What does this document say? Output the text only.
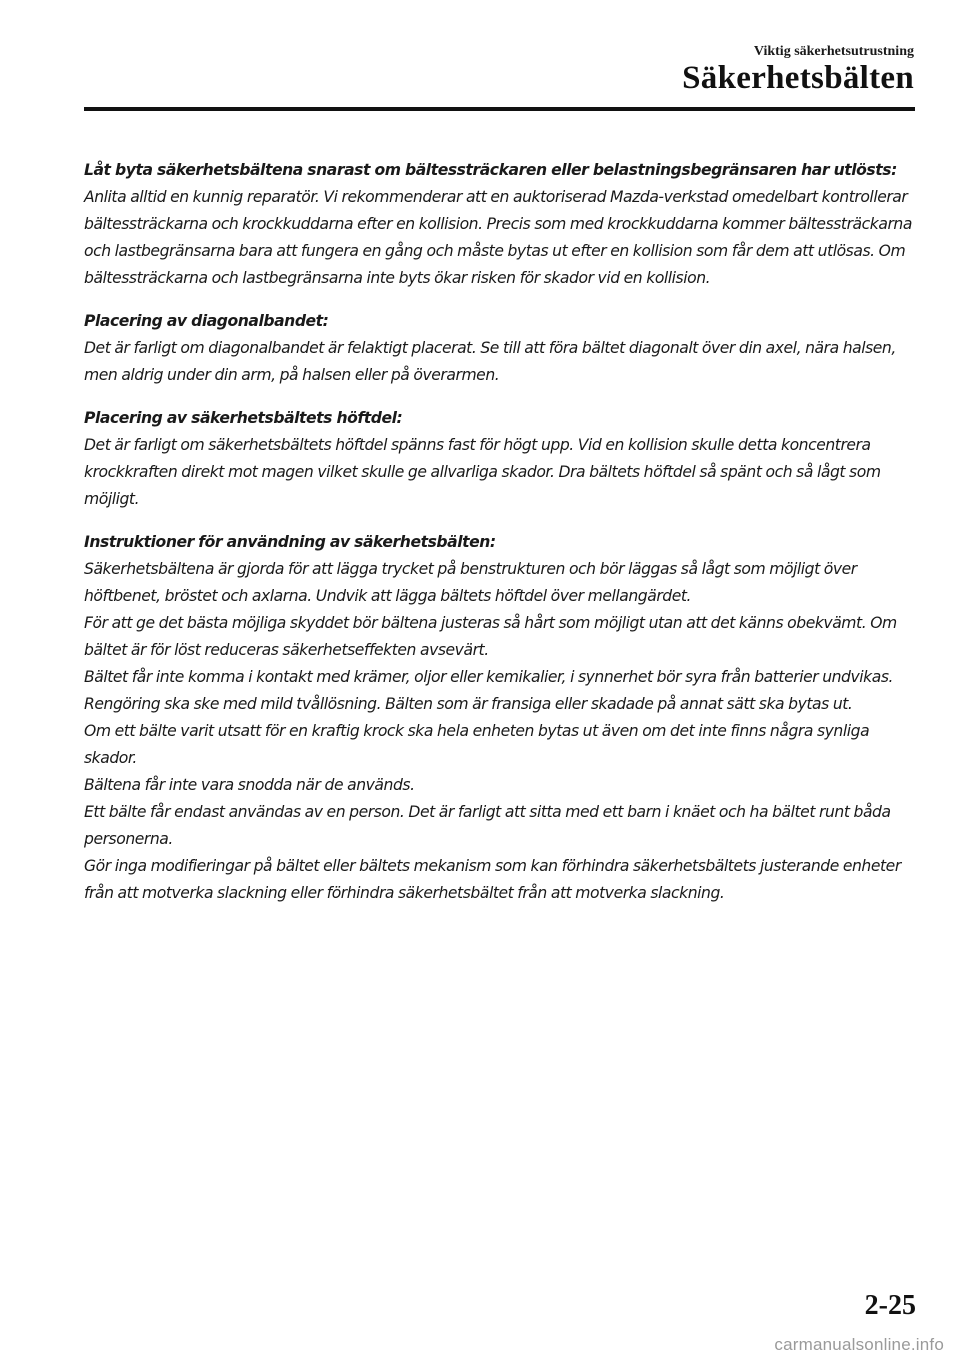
Viktig säkerhetsutrustning
Säkerhetsbälten

Låt byta säkerhetsbältena snarast om bältessträckaren eller belastningsbegränsaren har utlösts:

Anlita alltid en kunnig reparatör. Vi rekommenderar att en auktoriserad Mazda-verkstad omedelbart kontrollerar bältessträckarna och krockkuddarna efter en kollision. Precis som med krockkuddarna kommer bältessträckarna och lastbegränsarna bara att fungera en gång och måste bytas ut efter en kollision som får dem att utlösas. Om bältessträckarna och lastbegränsarna inte byts ökar risken för skador vid en kollision.

Placering av diagonalbandet:

Det är farligt om diagonalbandet är felaktigt placerat. Se till att föra bältet diagonalt över din axel, nära halsen, men aldrig under din arm, på halsen eller på överarmen.

Placering av säkerhetsbältets höftdel:

Det är farligt om säkerhetsbältets höftdel spänns fast för högt upp. Vid en kollision skulle detta koncentrera krockkraften direkt mot magen vilket skulle ge allvarliga skador. Dra bältets höftdel så spänt och så lågt som möjligt.

Instruktioner för användning av säkerhetsbälten:

Säkerhetsbältena är gjorda för att lägga trycket på benstrukturen och bör läggas så lågt som möjligt över höftbenet, bröstet och axlarna. Undvik att lägga bältets höftdel över mellangärdet.

För att ge det bästa möjliga skyddet bör bältena justeras så hårt som möjligt utan att det känns obekvämt. Om bältet är för löst reduceras säkerhetseffekten avsevärt.

Bältet får inte komma i kontakt med krämer, oljor eller kemikalier, i synnerhet bör syra från batterier undvikas. Rengöring ska ske med mild tvållösning. Bälten som är fransiga eller skadade på annat sätt ska bytas ut.

Om ett bälte varit utsatt för en kraftig krock ska hela enheten bytas ut även om det inte finns några synliga skador.

Bältena får inte vara snodda när de används.

Ett bälte får endast användas av en person. Det är farligt att sitta med ett barn i knäet och ha bältet runt båda personerna.

Gör inga modifieringar på bältet eller bältets mekanism som kan förhindra säkerhetsbältets justerande enheter från att motverka slackning eller förhindra säkerhetsbältet från att motverka slackning.

2-25
carmanualsonline.info
